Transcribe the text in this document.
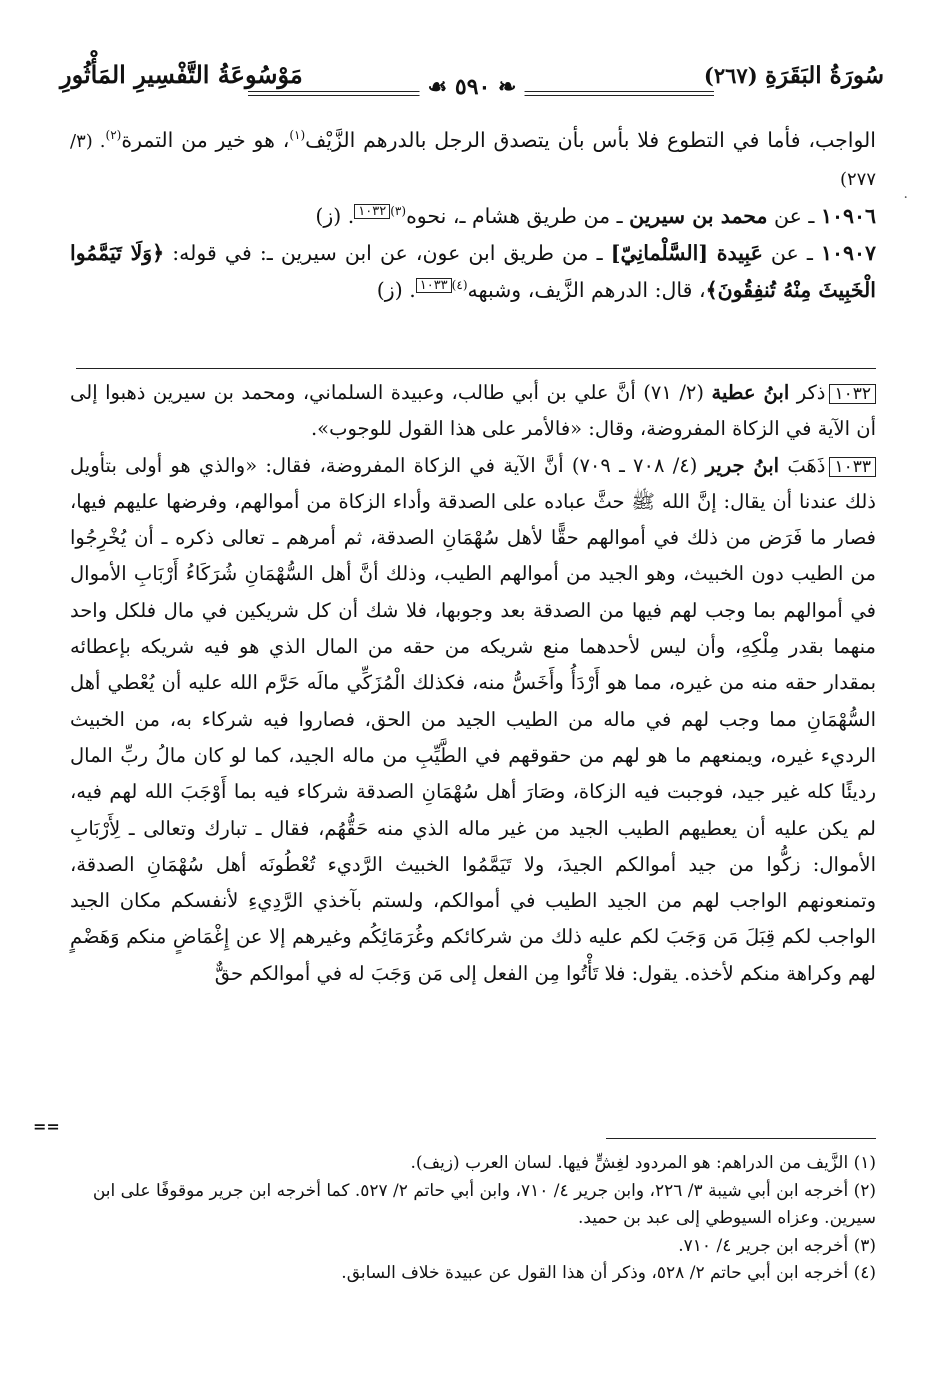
سُورَةُ البَقَرَةِ (٢٦٧)
❧ ٥٩٠ ☙
مَوْسُوعَةُ التَّفْسِيرِ المَأْثُورِ
·

الواجب، فأما في التطوع فلا بأس بأن يتصدق الرجل بالدرهم الزَّيْف$^{(١)}$، هو خير من التمرة$^{(٢)}$. (٣/ ٢٧٧)

١٠٩٠٦ ـ عن محمد بن سيرين ـ من طريق هشام ـ، نحوه$^{(٣)}$١٠٣٢. (ز)

١٠٩٠٧ ـ عن عَبِيدة [السَّلْمانِيّ] ـ من طريق ابن عون، عن ابن سيرين ـ: في قوله: ﴿وَلَا تَيَمَّمُوا الْخَبِيثَ مِنْهُ تُنفِقُونَ﴾، قال: الدرهم الزَّيف، وشبهه$^{(٤)}$١٠٣٣. (ز)

١٠٣٢ذكر ابنُ عطية (٢/ ٧١) أنَّ علي بن أبي طالب، وعبيدة السلماني، ومحمد بن سيرين ذهبوا إلى أن الآية في الزكاة المفروضة، وقال: «فالأمر على هذا القول للوجوب».

١٠٣٣ذَهَبَ ابنُ جرير (٤/ ٧٠٨ ـ ٧٠٩) أنَّ الآية في الزكاة المفروضة، فقال: «والذي هو أولى بتأويل ذلك عندنا أن يقال: إنَّ الله ﷺ حثَّ عباده على الصدقة وأداء الزكاة من أموالهم، وفرضها عليهم فيها، فصار ما فَرَض من ذلك في أموالهم حقًّا لأهل سُهْمَانِ الصدقة، ثم أمرهم ـ تعالى ذكره ـ أن يُخْرِجُوا من الطيب دون الخبيث، وهو الجيد من أموالهم الطيب، وذلك أنَّ أهل السُّهْمَانِ شُرَكَاءُ أَرْبَابِ الأموال في أموالهم بما وجب لهم فيها من الصدقة بعد وجوبها، فلا شك أن كل شريكين في مال فلكل واحد منهما بقدر مِلْكِهِ، وأن ليس لأحدهما منع شريكه من حقه من المال الذي هو فيه شريكه بإعطائه بمقدار حقه منه من غيره، مما هو أَرْدَأُ وأَخَسُّ منه، فكذلك الْمُزَكِّي مالَه حَرَّم الله عليه أن يُعْطي أهل السُّهْمَانِ مما وجب لهم في ماله من الطيب الجيد من الحق، فصاروا فيه شركاء به، من الخبيث الرديء غيره، ويمنعهم ما هو لهم من حقوقهم في الطَّيِّبِ من ماله الجيد، كما لو كان مالُ ربِّ المال رديئًا كله غير جيد، فوجبت فيه الزكاة، وصَارَ أهل سُهْمَانِ الصدقة شركاء فيه بما أَوْجَبَ الله لهم فيه، لم يكن عليه أن يعطيهم الطيب الجيد من غير ماله الذي منه حَقُّهُم، فقال ـ تبارك وتعالى ـ لِأَرْبَابِ الأموال: زكُّوا من جيد أموالكم الجيدَ، ولا تَيَمَّمُوا الخبيث الرَّديء تُعْطُونَه أهل سُهْمَانِ الصدقة، وتمنعونهم الواجب لهم من الجيد الطيب في أموالكم، ولستم بآخذي الرَّدِيءِ لأنفسكم مكان الجيد الواجب لكم قِبَلَ مَن وَجَبَ لكم عليه ذلك من شركائكم وغُرَمَائِكُم وغيرهم إلا عن إِغْمَاضٍ منكم وَهَضْمٍ لهم وكراهة منكم لأخذه. يقول: فلا تَأْتُوا مِن الفعل إلى مَن وَجَبَ له في أموالكم حقٌّ

==

(١) الزَّيف من الدراهم: هو المردود لغِشٍّ فيها. لسان العرب (زيف).

(٢) أخرجه ابن أبي شيبة ٣/ ٢٢٦، وابن جرير ٤/ ٧١٠، وابن أبي حاتم ٢/ ٥٢٧. كما أخرجه ابن جرير موقوفًا على ابن سيرين. وعزاه السيوطي إلى عبد بن حميد.

(٣) أخرجه ابن جرير ٤/ ٧١٠.

(٤) أخرجه ابن أبي حاتم ٢/ ٥٢٨، وذكر أن هذا القول عن عبيدة خلاف السابق.
